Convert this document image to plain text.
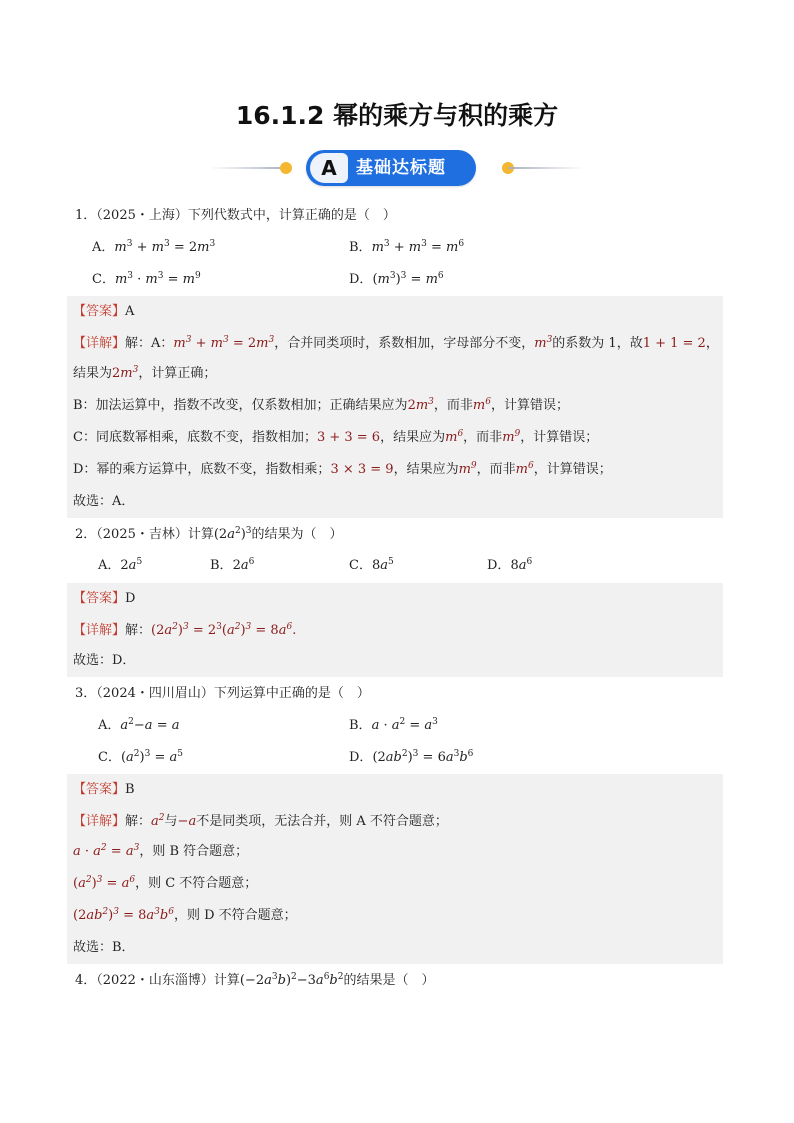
16.1.2 幂的乘方与积的乘方
A	基础达标题
1．（2025・上海）下列代数式中，计算正确的是（　）
A．$m^3 + m^3 = 2m^3$	B．$m^3 + m^3 = m^6$
C．$m^3 \cdot m^3 = m^9$	D．$(m^3)^3 = m^6$
【答案】A
【详解】解：A：$m^3 + m^3 = 2m^3$，合并同类项时，系数相加，字母部分不变，$m^3$的系数为 1，故1 + 1 = 2，
结果为$2m^3$，计算正确；
B：加法运算中，指数不改变，仅系数相加；正确结果应为$2m^3$，而非$m^6$，计算错误；
C：同底数幂相乘，底数不变，指数相加；3 + 3 = 6，结果应为$m^6$，而非$m^9$，计算错误；
D：幂的乘方运算中，底数不变，指数相乘；3 × 3 = 9，结果应为$m^9$，而非$m^6$，计算错误；
故选：A．
2．（2025・吉林）计算$(2a^2)^3$的结果为（　）
A．$2a^5$	B．$2a^6$	C．$8a^5$	D．$8a^6$
【答案】D
【详解】解：$(2a^2)^3 = 2^3(a^2)^3 = 8a^6$.
故选：D．
3．（2024・四川眉山）下列运算中正确的是（　）
A．$a^2-a = a$	B．$a \cdot a^2 = a^3$
C．$(a^2)^3 = a^5$	D．$(2ab^2)^3 = 6a^3b^6$
【答案】B
【详解】解：$a^2$与−a不是同类项，无法合并，则 A 不符合题意；
$a \cdot a^2 = a^3$，则 B 符合题意；
$(a^2)^3 = a^6$，则 C 不符合题意；
$(2ab^2)^3 = 8a^3b^6$，则 D 不符合题意；
故选：B．
4．（2022・山东淄博）计算$(-2a^3b)^2-3a^6b^2$的结果是（　）
